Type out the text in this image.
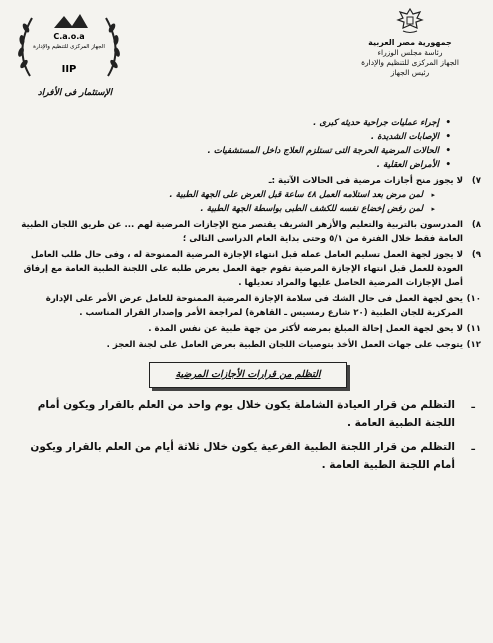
جمهورية مصر العربية
رئاسة مجلس الوزراء
الجهاز المركزى للتنظيم والإدارة
رئيس الجهاز
C.a.o.a
الجهاز المركزى للتنظيم والإدارة
IIP
الإستثمار فى الأفراد
• إجراء عمليات جراحية حديثه كبرى .
• الإصابات الشديدة .
• الحالات المرضية الحرجة التى تستلزم العلاج داخل المستشفيات .
• الأمراض العقلية .
٧)
لا يجوز منح أجازات مرضية فى الحالات الآتية :ـ
▸ لمن مرض بعد استلامه العمل ٤٨ ساعة قبل العرض على الجهة الطبية .
▸ لمن رفض إخضاع نفسه للكشف الطبى بواسطة الجهة الطبية .
٨)
المدرسون بالتربية والتعليم والأزهر الشريف يقتصر منح الإجازات المرضية لهم ... عن طريق اللجان الطبية العامة فقط خلال الفترة من ٥/١ وحتى بداية العام الدراسى التالى ؛
٩)
لا يجوز لجهة العمل تسليم العامل عمله قبل انتهاء الإجازة المرضية الممنوحة له ، وفى حال طلب العامل العودة للعمل قبل انتهاء الإجازة المرضية تقوم جهة العمل بعرض طلبه على اللجنة الطبية العامة مع إرفاق أصل الإجازات المرضية الحاصل عليها والمراد تعديلها .
١٠)
يحق لجهة العمل فى حال الشك فى سلامة الإجازة المرضية الممنوحة للعامل عرض الأمر على الإدارة المركزية للجان الطبية (٢٠ شارع رمسيس ـ القاهرة) لمراجعة الأمر وإصدار القرار المناسب .
١١)
لا يحق لجهة العمل إحالة المبلغ بمرضه لأكثر من جهة طبية عن نفس المدة .
١٢)
يتوجب على جهات العمل الأخذ بتوصيات اللجان الطبية بعرض العامل على لجنة العجز .
التظلم من قرارات الأجازات المرضية
ـ
التظلم من قرار العيادة الشاملة يكون خلال يوم واحد من العلم بالقرار ويكون أمام اللجنة الطبية العامة .
ـ
التظلم من قرار اللجنة الطبية الفرعية يكون خلال ثلاثة أيام من العلم بالقرار ويكون أمام اللجنة الطبية العامة .
